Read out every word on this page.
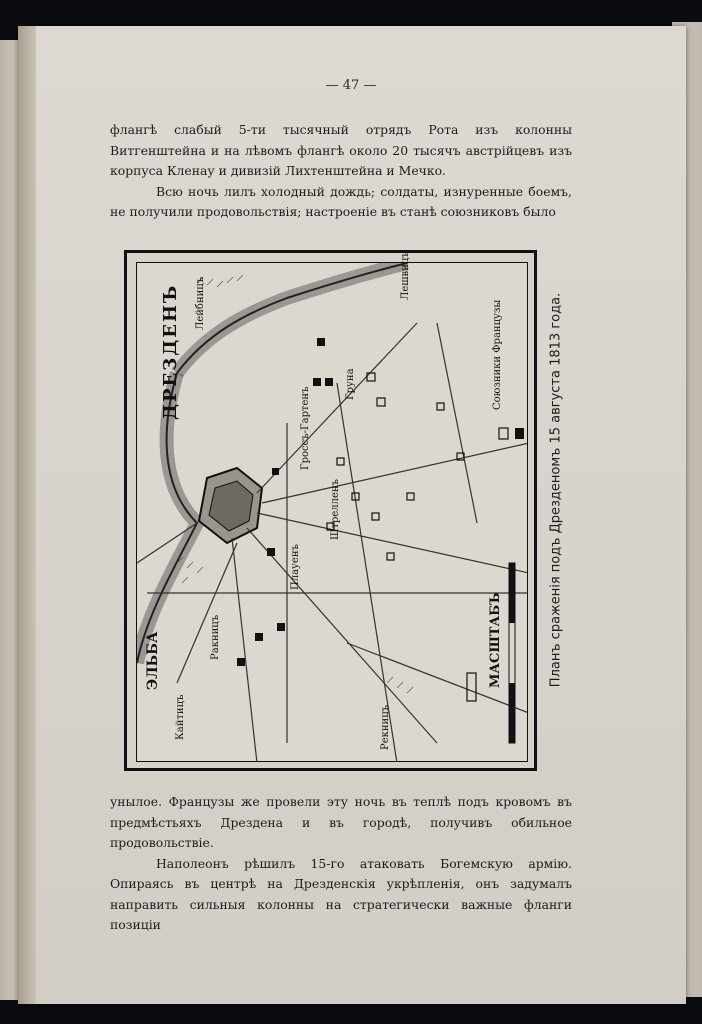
— 47 —

флангѣ слабый 5-ти тысячный отрядъ Рота изъ колонны Витгенштейна и на лѣвомъ флангѣ около 20 тысячъ австрійцевъ изъ корпуса Кленау и дивизій Лихтенштейна и Мечко.

Всю ночь лилъ холодный дождь; солдаты, изнуренные боемъ, не получили продовольствія; настроеніе въ станѣ союзниковъ было

ДРЕЗДЕНЪ
ЭЛЬБА	МАСШТАБЪ
Союзники Французы
Лешвицъ
Лейбницъ
Плауенъ
Ракницъ
Кайтицъ
Гроссъ-Гартенъ
Штрелленъ
Грунa
Рекницъ
Планъ сраженія подъ Дрезденомъ 15 августа 1813 года.

унылое. Французы же провели эту ночь въ теплѣ подъ кровомъ въ предмѣстьяхъ Дрездена и въ городѣ, получивъ обильное продовольствіе.

Наполеонъ рѣшилъ 15-го атаковать Богемскую армію. Опираясь въ центрѣ на Дрезденскія укрѣпленія, онъ задумалъ направить сильныя колонны на стратегически важные фланги позиціи
